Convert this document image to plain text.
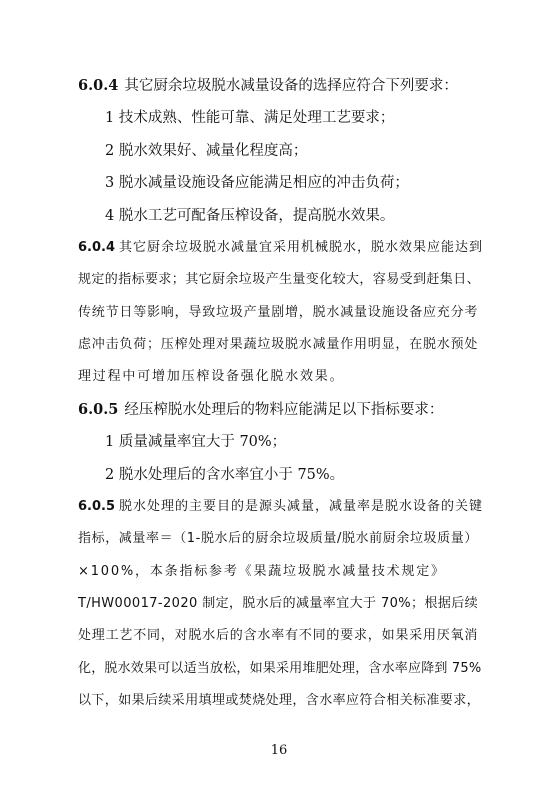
6.0.4 其它厨余垃圾脱水减量设备的选择应符合下列要求：
1 技术成熟、性能可靠、满足处理工艺要求；
2 脱水效果好、减量化程度高；
3 脱水减量设施设备应能满足相应的冲击负荷；
4 脱水工艺可配备压榨设备，提高脱水效果。
6.0.4 其它厨余垃圾脱水减量宜采用机械脱水，脱水效果应能达到
规定的指标要求；其它厨余垃圾产生量变化较大，容易受到赶集日、
传统节日等影响，导致垃圾产量剧增，脱水减量设施设备应充分考
虑冲击负荷；压榨处理对果蔬垃圾脱水减量作用明显，在脱水预处
理过程中可增加压榨设备强化脱水效果。
6.0.5 经压榨脱水处理后的物料应能满足以下指标要求：
1 质量减量率宜大于 70%；
2 脱水处理后的含水率宜小于 75%。
6.0.5 脱水处理的主要目的是源头减量，减量率是脱水设备的关键
指标，减量率＝（1-脱水后的厨余垃圾质量/脱水前厨余垃圾质量）
×100%，本条指标参考《果蔬垃圾脱水减量技术规定》
T/HW00017-2020 制定，脱水后的减量率宜大于 70%；根据后续
处理工艺不同，对脱水后的含水率有不同的要求，如果采用厌氧消
化，脱水效果可以适当放松，如果采用堆肥处理，含水率应降到 75%
以下，如果后续采用填埋或焚烧处理，含水率应符合相关标准要求，
16
